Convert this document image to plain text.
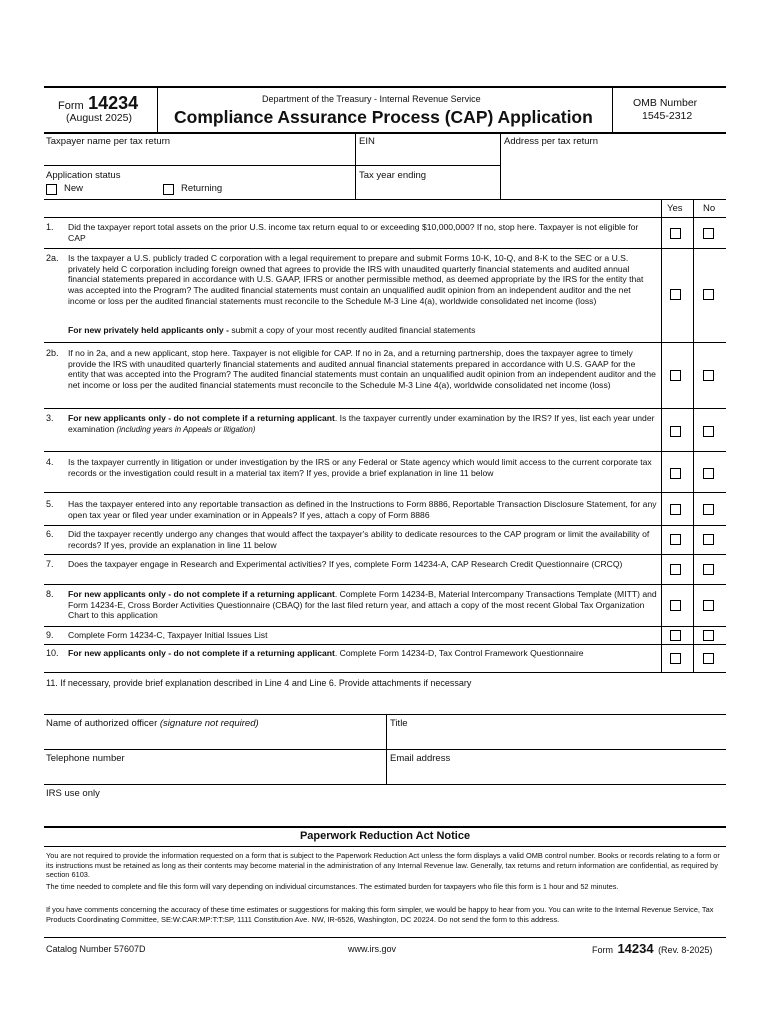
Form 14234
(August 2025)
Department of the Treasury - Internal Revenue Service
Compliance Assurance Process (CAP) Application
OMB Number
1545-2312
Taxpayer name per tax return	EIN	Address per tax return
Application status
New	Returning
Tax year ending
Yes No
1. Did the taxpayer report total assets on the prior U.S. income tax return equal to or exceeding $10,000,000? If no, stop here. Taxpayer is not eligible for CAP
2a. Is the taxpayer a U.S. publicly traded C corporation with a legal requirement to prepare and submit Forms 10-K, 10-Q, and 8-K to the SEC or a U.S. privately held C corporation including foreign owned that agrees to provide the IRS with unaudited quarterly financial statements and audited annual financial statements prepared in accordance with U.S. GAAP, IFRS or another permissible method, as deemed appropriate by the IRS for the entity that was accepted into the Program? The audited financial statements must contain an unqualified audit opinion from an independent auditor and the net income or loss per the audited financial statements must reconcile to the Schedule M-3 Line 4(a), worldwide consolidated net income (loss)
For new privately held applicants only - submit a copy of your most recently audited financial statements
2b. If no in 2a, and a new applicant, stop here. Taxpayer is not eligible for CAP. If no in 2a, and a returning partnership, does the taxpayer agree to timely provide the IRS with unaudited quarterly financial statements and audited annual financial statements prepared in accordance with U.S. GAAP for the entity that was accepted into the Program? The audited financial statements must contain an unqualified audit opinion from an independent auditor and the net income or loss per the audited financial statements must reconcile to the Schedule M-3 Line 4(a), worldwide consolidated net income (loss)
3. For new applicants only - do not complete if a returning applicant. Is the taxpayer currently under examination by the IRS? If yes, list each year under examination (including years in Appeals or litigation)
4. Is the taxpayer currently in litigation or under investigation by the IRS or any Federal or State agency which would limit access to the current corporate tax records or the investigation could result in a material tax item? If yes, provide a brief explanation in line 11 below
5. Has the taxpayer entered into any reportable transaction as defined in the Instructions to Form 8886, Reportable Transaction Disclosure Statement, for any open tax year or filed year under examination or in Appeals? If yes, attach a copy of Form 8886
6. Did the taxpayer recently undergo any changes that would affect the taxpayer's ability to dedicate resources to the CAP program or limit the availability of records? If yes, provide an explanation in line 11 below
7. Does the taxpayer engage in Research and Experimental activities? If yes, complete Form 14234-A, CAP Research Credit Questionnaire (CRCQ)
8. For new applicants only - do not complete if a returning applicant. Complete Form 14234-B, Material Intercompany Transactions Template (MITT) and Form 14234-E, Cross Border Activities Questionnaire (CBAQ) for the last filed return year, and attach a copy of the most recent Global Tax Organization Chart to this application
9. Complete Form 14234-C, Taxpayer Initial Issues List
10. For new applicants only - do not complete if a returning applicant. Complete Form 14234-D, Tax Control Framework Questionnaire
11. If necessary, provide brief explanation described in Line 4 and Line 6. Provide attachments if necessary
Name of authorized officer (signature not required)	Title
Telephone number	Email address
IRS use only
Paperwork Reduction Act Notice
You are not required to provide the information requested on a form that is subject to the Paperwork Reduction Act unless the form displays a valid OMB control number. Books or records relating to a form or its instructions must be retained as long as their contents may become material in the administration of any Internal Revenue law. Generally, tax returns and return information are confidential, as required by section 6103.
The time needed to complete and file this form will vary depending on individual circumstances. The estimated burden for taxpayers who file this form is 1 hour and 52 minutes.
If you have comments concerning the accuracy of these time estimates or suggestions for making this form simpler, we would be happy to hear from you. You can write to the Internal Revenue Service, Tax Products Coordinating Committee, SE:W:CAR:MP:T:T:SP, 1111 Constitution Ave. NW, IR-6526, Washington, DC 20224. Do not send the form to this address.
Catalog Number 57607D	www.irs.gov	Form 14234 (Rev. 8-2025)
